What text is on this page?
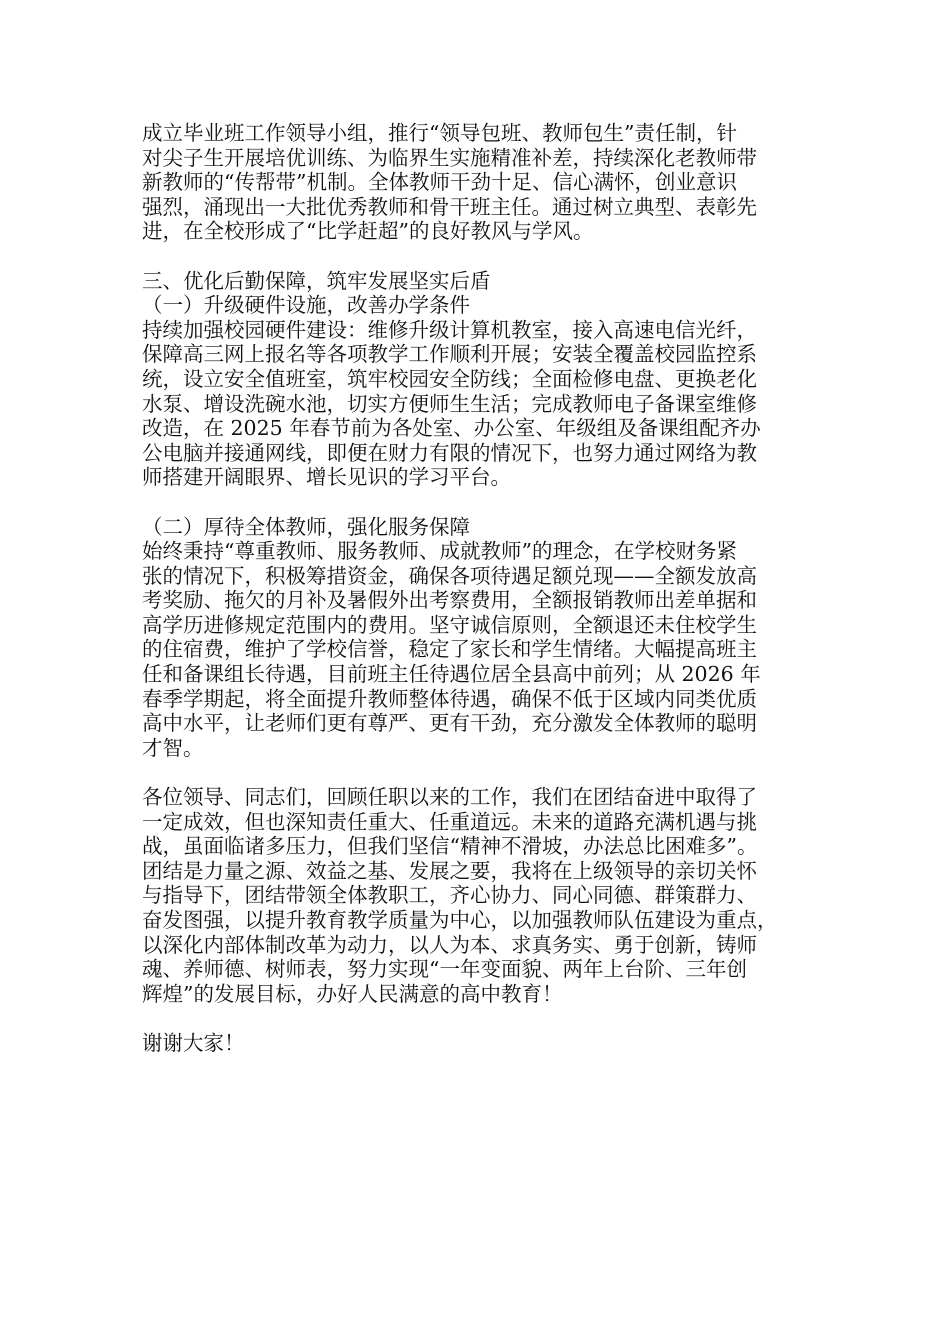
成立毕业班工作领导小组，推行“领导包班、教师包生”责任制，针
对尖子生开展培优训练、为临界生实施精准补差，持续深化老教师带
新教师的“传帮带”机制。全体教师干劲十足、信心满怀，创业意识
强烈，涌现出一大批优秀教师和骨干班主任。通过树立典型、表彰先
进，在全校形成了“比学赶超”的良好教风与学风。
三、优化后勤保障，筑牢发展坚实后盾
（一）升级硬件设施，改善办学条件
持续加强校园硬件建设：维修升级计算机教室，接入高速电信光纤，
保障高三网上报名等各项教学工作顺利开展；安装全覆盖校园监控系
统，设立安全值班室，筑牢校园安全防线；全面检修电盘、更换老化
水泵、增设洗碗水池，切实方便师生生活；完成教师电子备课室维修
改造，在 2025 年春节前为各处室、办公室、年级组及备课组配齐办
公电脑并接通网线，即便在财力有限的情况下，也努力通过网络为教
师搭建开阔眼界、增长见识的学习平台。
（二）厚待全体教师，强化服务保障
始终秉持“尊重教师、服务教师、成就教师”的理念，在学校财务紧
张的情况下，积极筹措资金，确保各项待遇足额兑现——全额发放高
考奖励、拖欠的月补及暑假外出考察费用，全额报销教师出差单据和
高学历进修规定范围内的费用。坚守诚信原则，全额退还未住校学生
的住宿费，维护了学校信誉，稳定了家长和学生情绪。大幅提高班主
任和备课组长待遇，目前班主任待遇位居全县高中前列；从 2026 年
春季学期起，将全面提升教师整体待遇，确保不低于区域内同类优质
高中水平，让老师们更有尊严、更有干劲，充分激发全体教师的聪明
才智。
各位领导、同志们，回顾任职以来的工作，我们在团结奋进中取得了
一定成效，但也深知责任重大、任重道远。未来的道路充满机遇与挑
战，虽面临诸多压力，但我们坚信“精神不滑坡，办法总比困难多”。
团结是力量之源、效益之基、发展之要，我将在上级领导的亲切关怀
与指导下，团结带领全体教职工，齐心协力、同心同德、群策群力、
奋发图强，以提升教育教学质量为中心，以加强教师队伍建设为重点，
以深化内部体制改革为动力，以人为本、求真务实、勇于创新，铸师
魂、养师德、树师表，努力实现“一年变面貌、两年上台阶、三年创
辉煌”的发展目标，办好人民满意的高中教育！
谢谢大家！
